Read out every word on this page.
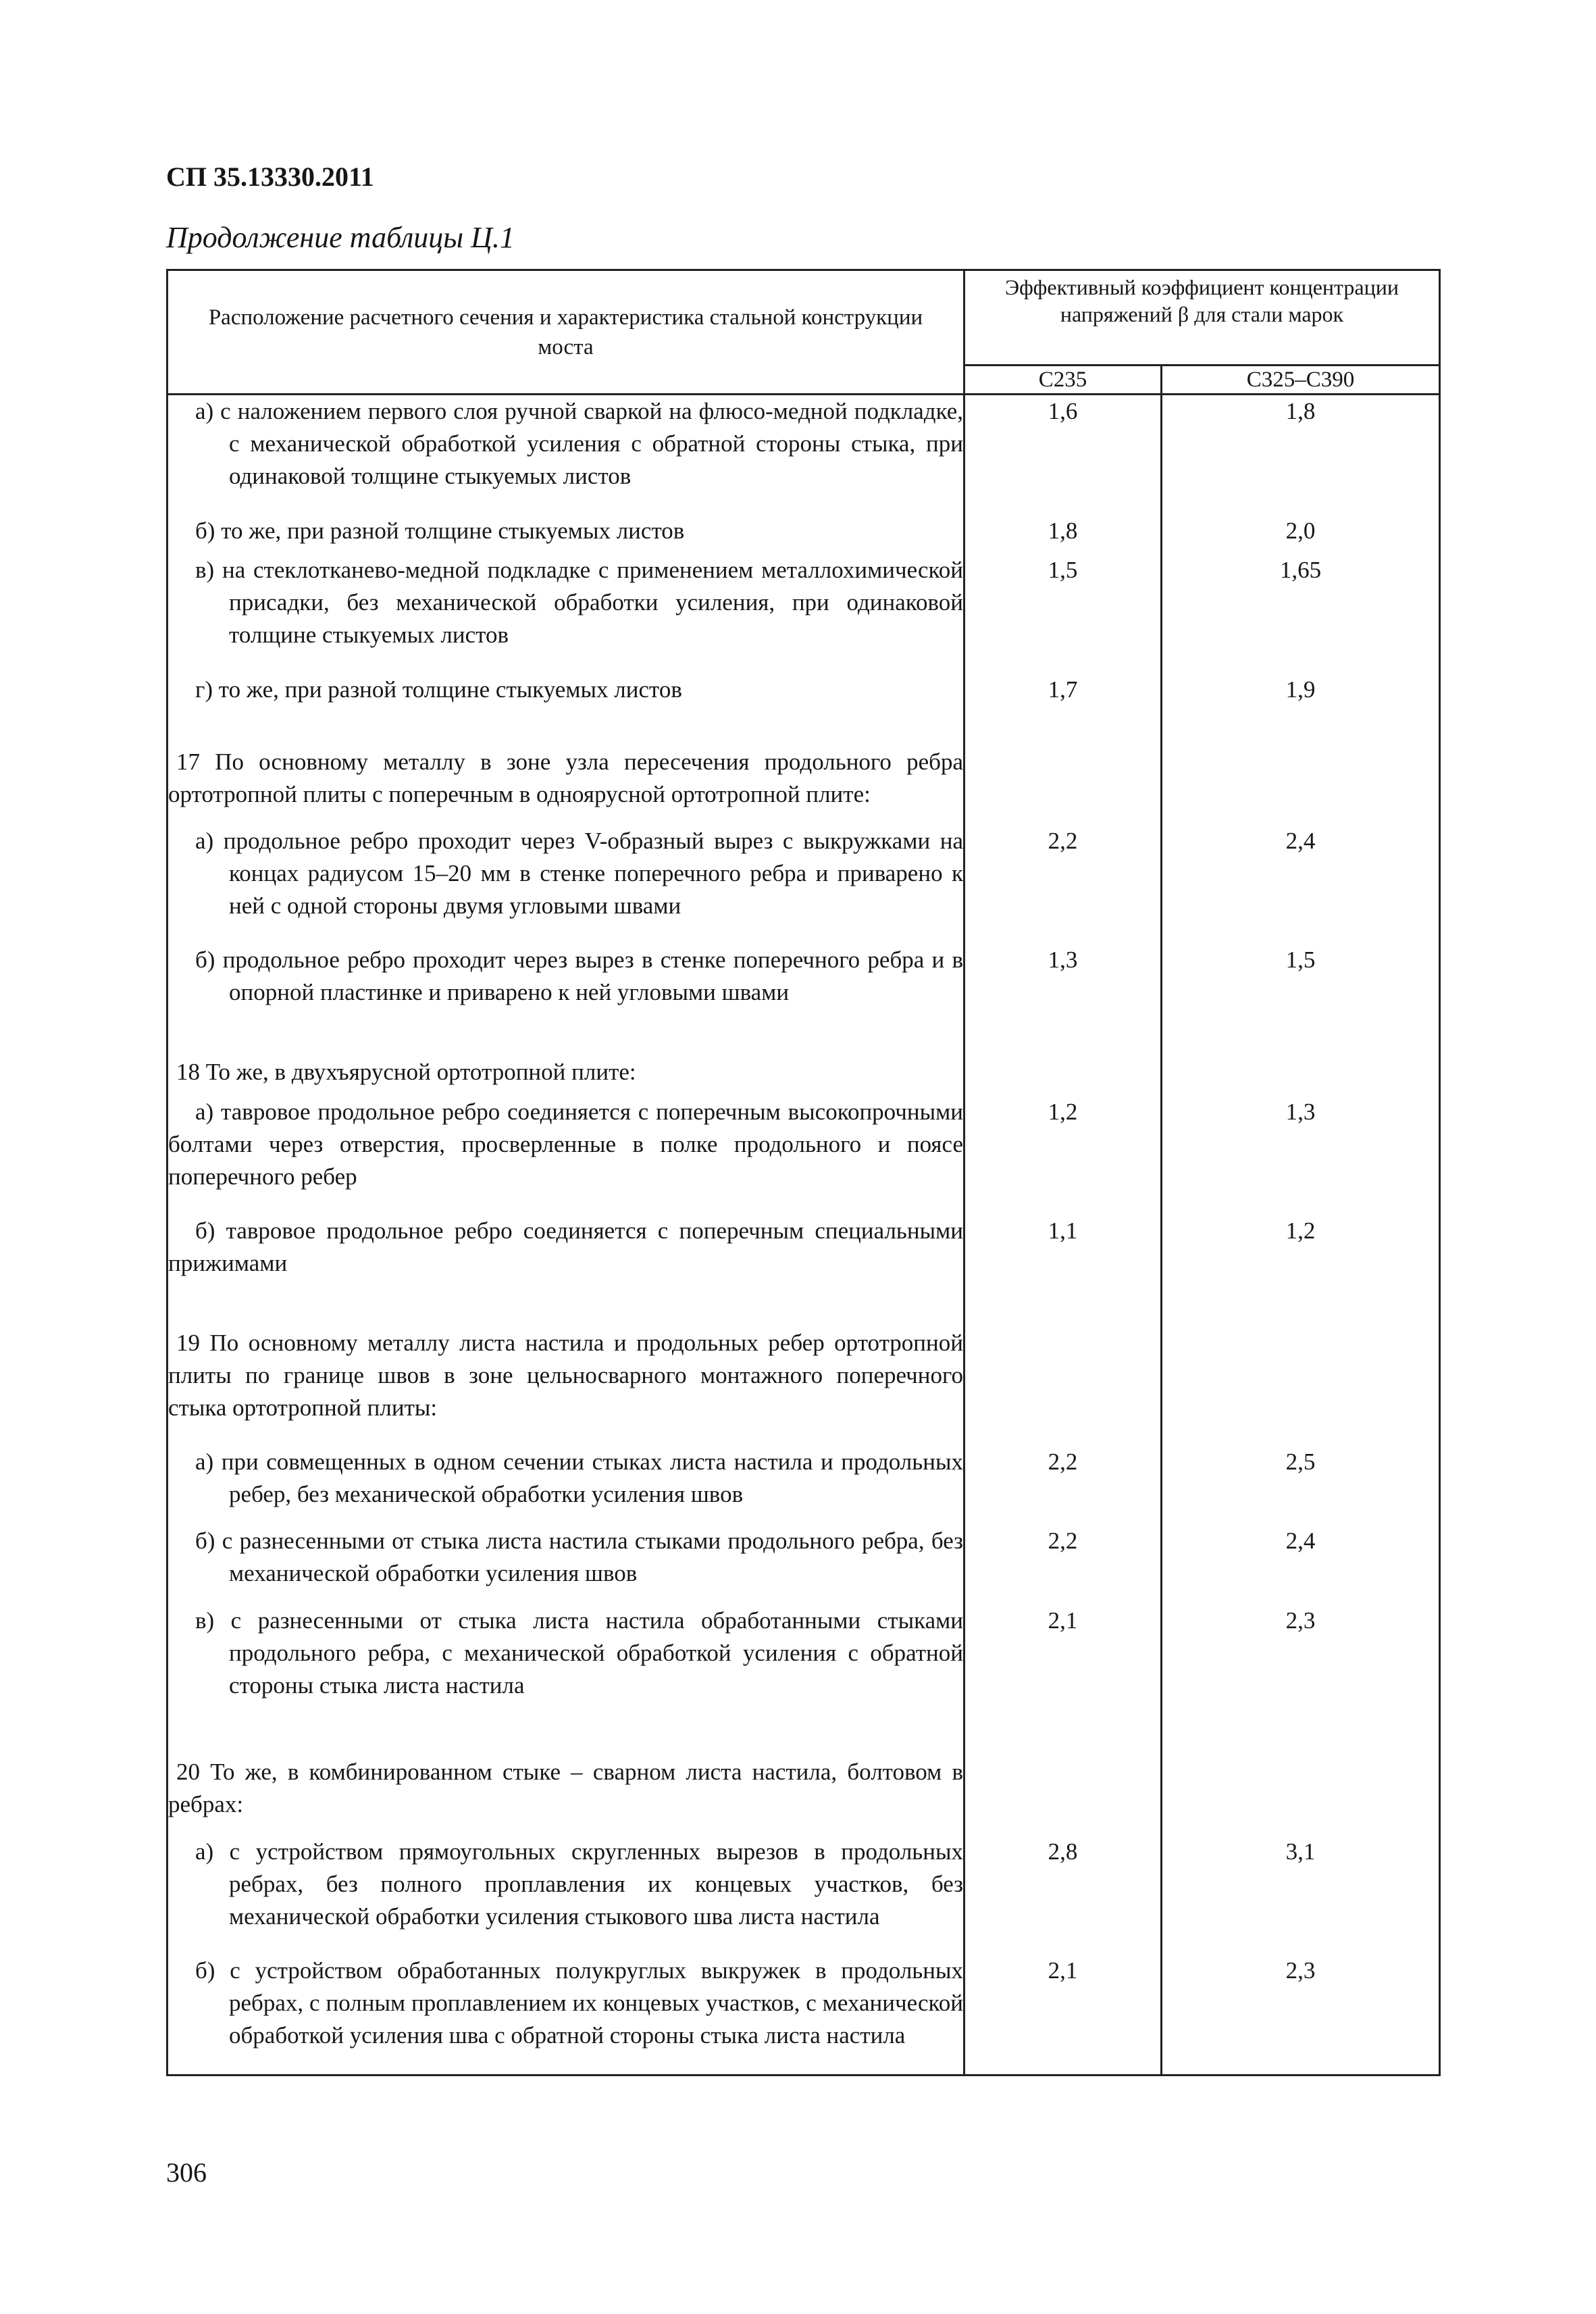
СП 35.13330.2011
Продолжение таблицы Ц.1
Расположение расчетного сечения и характеристика стальной конструкции моста	Эффективный коэффициент концентрации напряжений β для стали марок	
	С235	С325–С390

а) с наложением первого слоя ручной сваркой на флюсо-медной подкладке, с механической обработкой усиления с обратной стороны стыка, при одинаковой толщине стыкуемых листов	1,6	1,8

б) то же, при разной толщине стыкуемых листов	1,8	2,0

в) на стеклотканево-медной подкладке с применением металлохимической присадки, без механической обработки усиления, при одинаковой толщине стыкуемых листов	1,5	1,65

г) то же, при разной толщине стыкуемых листов	1,7	1,9

17 По основному металлу в зоне узла пересечения продольного ребра ортотропной плиты с поперечным в одноярусной ортотропной плите:		

а) продольное ребро проходит через V-образный вырез с выкружками на концах радиусом 15–20 мм в стенке поперечного ребра и приварено к ней с одной стороны двумя угловыми швами	2,2	2,4

б) продольное ребро проходит через вырез в стенке поперечного ребра и в опорной пластинке и приварено к ней угловыми швами	1,3	1,5

18 То же, в двухъярусной ортотропной плите:		

а) тавровое продольное ребро соединяется с поперечным высокопрочными болтами через отверстия, просверленные в полке продольного и поясе поперечного ребер	1,2	1,3

б) тавровое продольное ребро соединяется с поперечным специальными прижимами	1,1	1,2

19 По основному металлу листа настила и продольных ребер ортотропной плиты по границе швов в зоне цельносварного монтажного поперечного стыка ортотропной плиты:		

а) при совмещенных в одном сечении стыках листа настила и продольных ребер, без механической обработки усиления швов	2,2	2,5

б) с разнесенными от стыка листа настила стыками продольного ребра, без механической обработки усиления швов	2,2	2,4

в) с разнесенными от стыка листа настила обработанными стыками продольного ребра, с механической обработкой усиления с обратной стороны стыка листа настила	2,1	2,3

20 То же, в комбинированном стыке – сварном листа настила, болтовом в ребрах:		

а) с устройством прямоугольных скругленных вырезов в продольных ребрах, без полного проплавления их концевых участков, без механической обработки усиления стыкового шва листа настила	2,8	3,1

б) с устройством обработанных полукруглых выкружек в продольных ребрах, с полным проплавлением их концевых участков, с механической обработкой усиления шва с обратной стороны стыка листа настила	2,1	2,3

306
